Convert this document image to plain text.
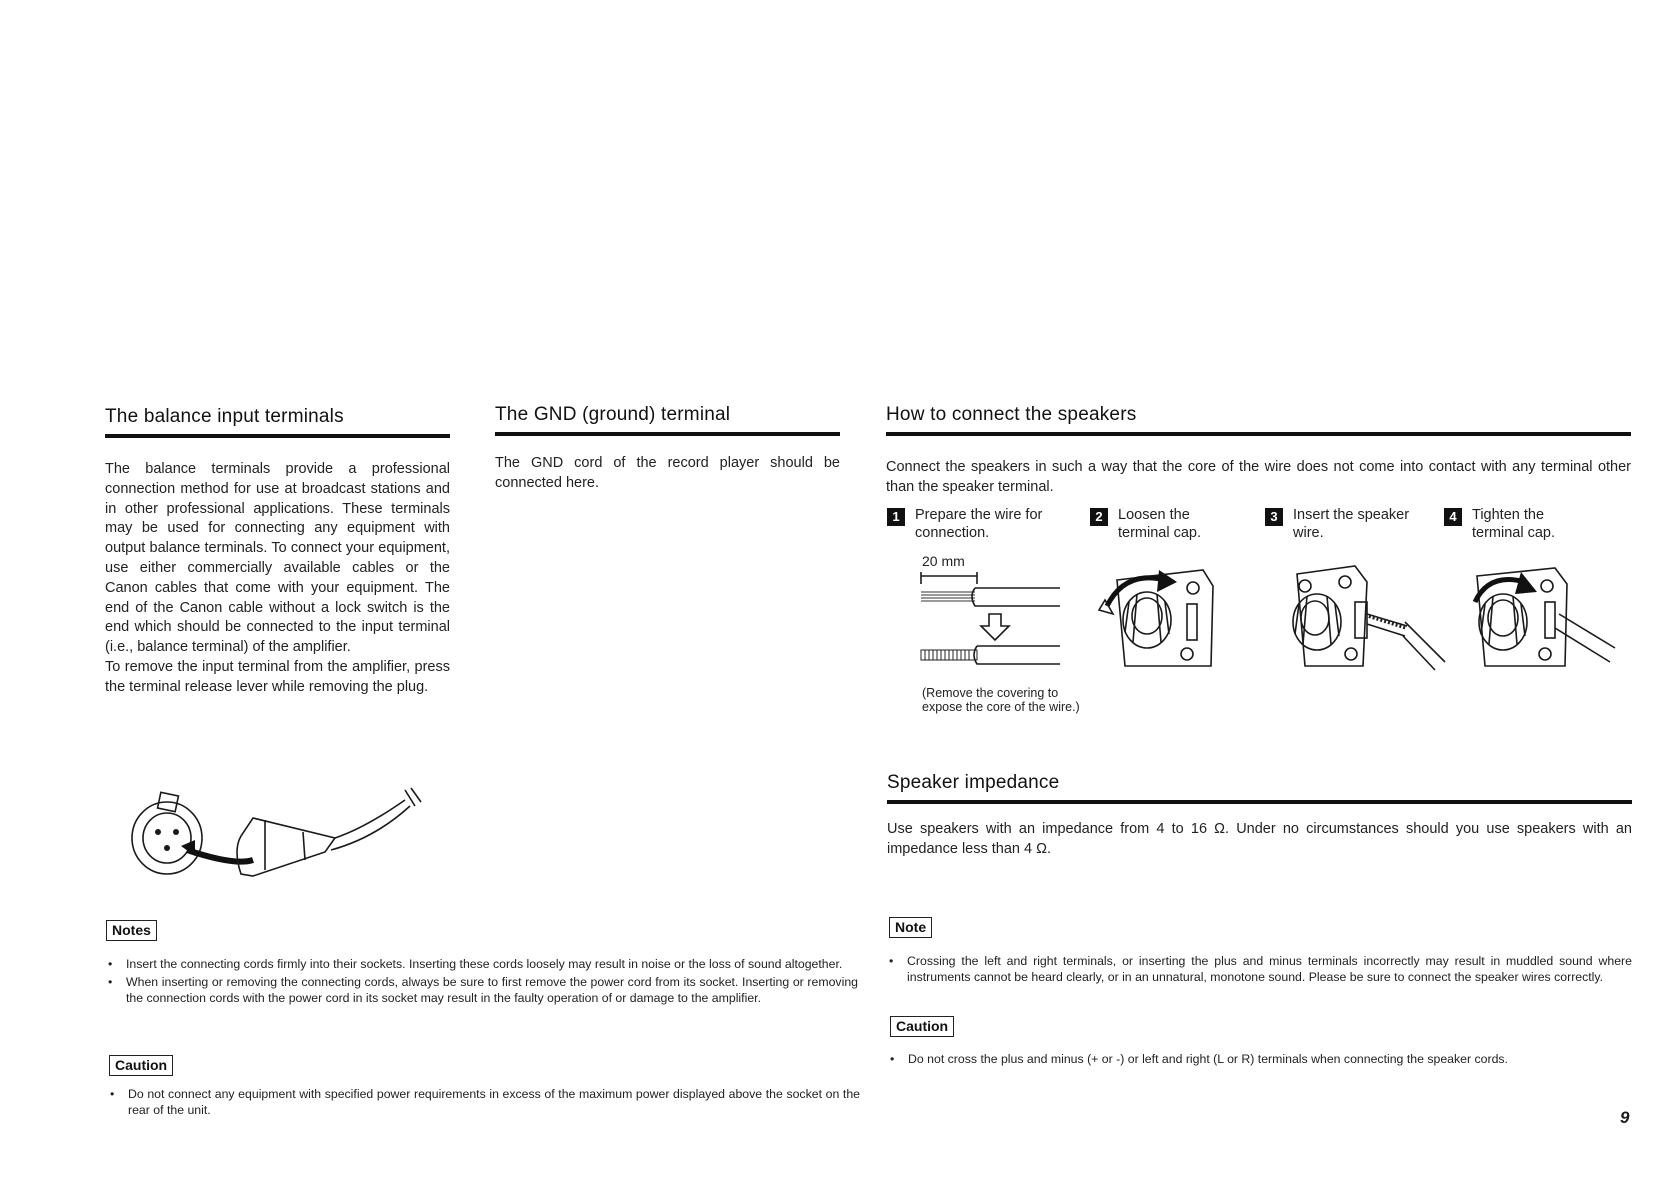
The balance input terminals

The balance terminals provide a professional connection method for use at broadcast stations and in other professional applications. These terminals may be used for connecting any equipment with output balance terminals. To connect your equipment, use either commercially available cables or the Canon cables that come with your equipment. The end of the Canon cable without a lock switch is the end which should be connected to the input terminal (i.e., balance terminal) of the amplifier.

To remove the input terminal from the amplifier, press the terminal release lever while removing the plug.

The GND (ground) terminal

The GND cord of the record player should be connected here.

How to connect the speakers

Connect the speakers in such a way that the core of the wire does not come into contact with any terminal other than the speaker terminal.

1	Prepare the wire for
connection.
2	Loosen the
terminal cap.
3	Insert the speaker
wire.
4	Tighten the
terminal cap.
20 mm
(Remove the covering to expose the core of the wire.)
Speaker impedance

Use speakers with an impedance from 4 to 16 Ω. Under no circumstances should you use speakers with an impedance less than 4 Ω.

Notes
• Insert the connecting cords firmly into their sockets. Inserting these cords loosely may result in noise or the loss of sound altogether.
• When inserting or removing the connecting cords, always be sure to first remove the power cord from its socket. Inserting or removing the connection cords with the power cord in its socket may result in the faulty operation of or damage to the amplifier.
Caution
• Do not connect any equipment with specified power requirements in excess of the maximum power displayed above the socket on the rear of the unit.
Note
• Crossing the left and right terminals, or inserting the plus and minus terminals incorrectly may result in muddled sound where instruments cannot be heard clearly, or in an unnatural, monotone sound. Please be sure to connect the speaker wires correctly.
Caution
• Do not cross the plus and minus (+ or -) or left and right (L or R) terminals when connecting the speaker cords.
9
